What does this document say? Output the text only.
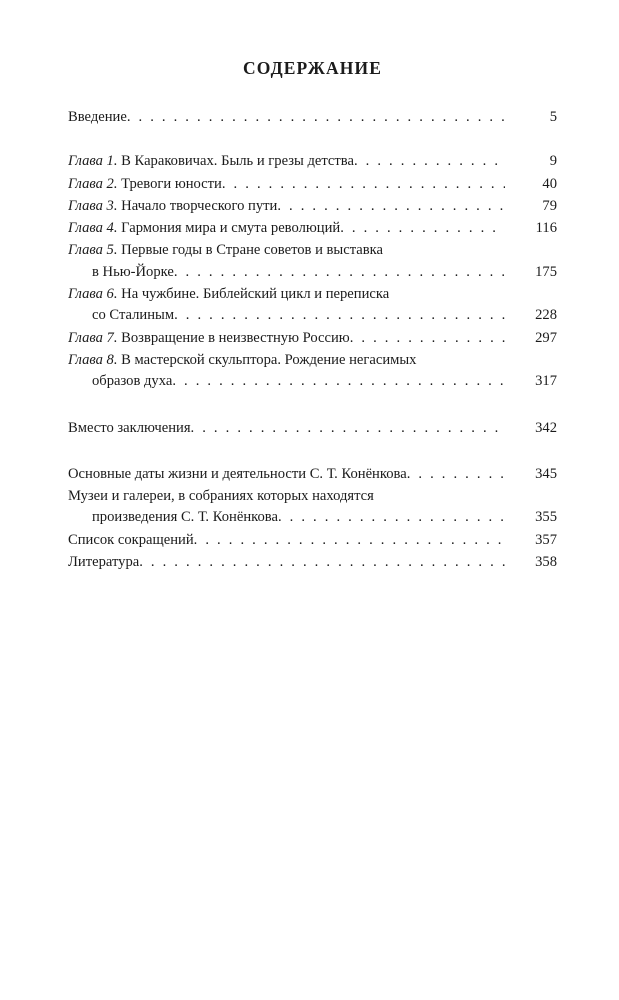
СОДЕРЖАНИЕ
Введение . . .	5
Глава 1. В Караковичах. Быль и грезы детства . . .	9
Глава 2. Тревоги юности . . .	40
Глава 3. Начало творческого пути . . .	79
Глава 4. Гармония мира и смута революций . . .	116
Глава 5. Первые годы в Стране советов и выставка
в Нью-Йорке . . .	175
Глава 6. На чужбине. Библейский цикл и переписка
со Сталиным . . .	228
Глава 7. Возвращение в неизвестную Россию . . .	297
Глава 8. В мастерской скульптора. Рождение негасимых
образов духа . . .	317
Вместо заключения . . .	342
Основные даты жизни и деятельности С. Т. Конёнкова . . .	345
Музеи и галереи, в собраниях которых находятся
произведения С. Т. Конёнкова . . .	355
Список сокращений . . .	357
Литература . . .	358
